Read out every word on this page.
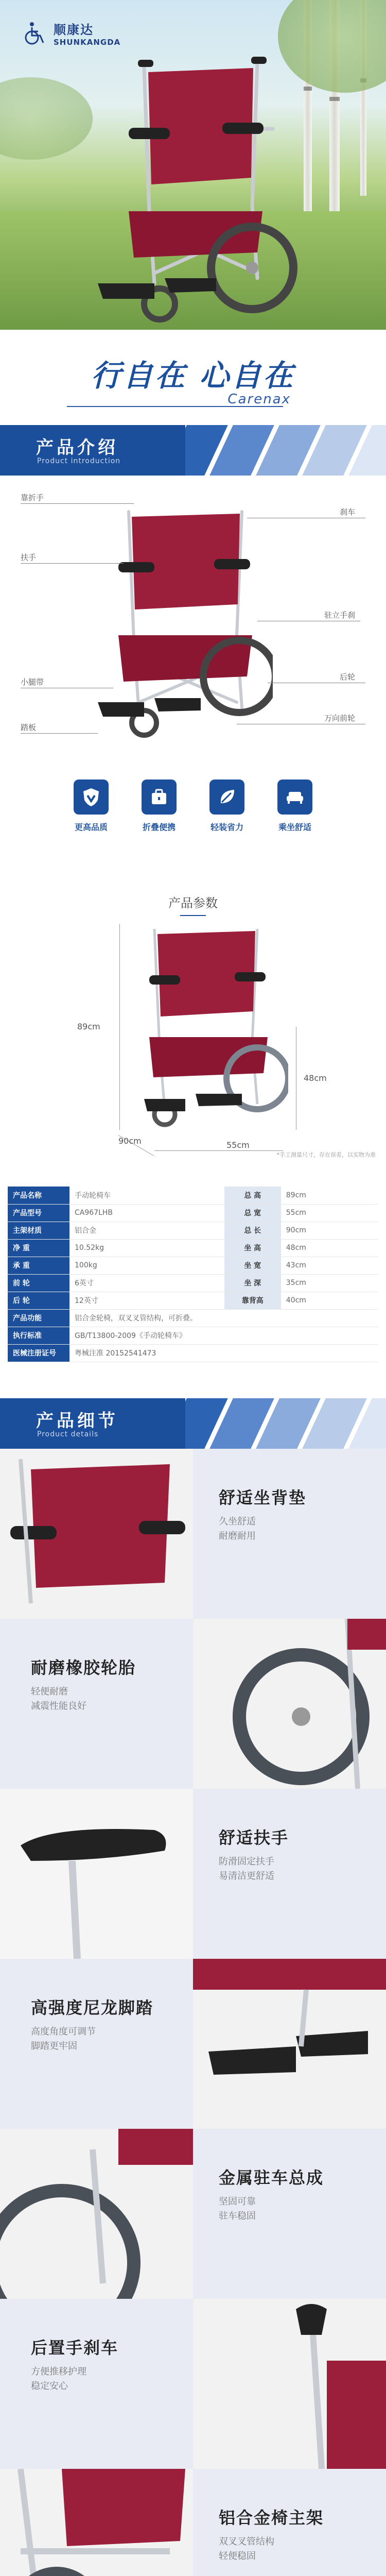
顺康达
SHUNKANGDA
行自在 心自在
Carenax
产品介绍
Product introduction
靠折手
扶手
小腿带
踏板
刹车
驻立手刹
后轮
万向前轮
更高品质	折叠便携	轻装省力	乘坐舒适
产品参数
89cm
48cm
90cm	55cm
*手工测量尺寸，存在误差，以实物为准
产品名称	手动轮椅车	总 高	89cm
产品型号	CA967LHB	总 宽	55cm
主架材质	铝合金	总 长	90cm
净 重	10.52kg	坐 高	48cm
承 重	100kg	坐 宽	43cm
前 轮	6英寸	坐 深	35cm
后 轮	12英寸	靠背高	40cm
产品功能	铝合金轮椅，双叉叉管结构，可折叠。		
执行标准	GB/T13800-2009《手动轮椅车》		
医械注册证号	粤械注准 20152541473		
产品细节
Product details
舒适坐背垫
久坐舒适
耐磨耐用
耐磨橡胶轮胎
轻便耐磨
减震性能良好
舒适扶手
防滑固定扶手
易清洁更舒适
高强度尼龙脚踏
高度角度可调节
脚踏更牢固
金属驻车总成
坚固可靠
驻车稳固
后置手刹车
方便推移护理
稳定安心
铝合金椅主架
双叉叉管结构
轻便稳固
